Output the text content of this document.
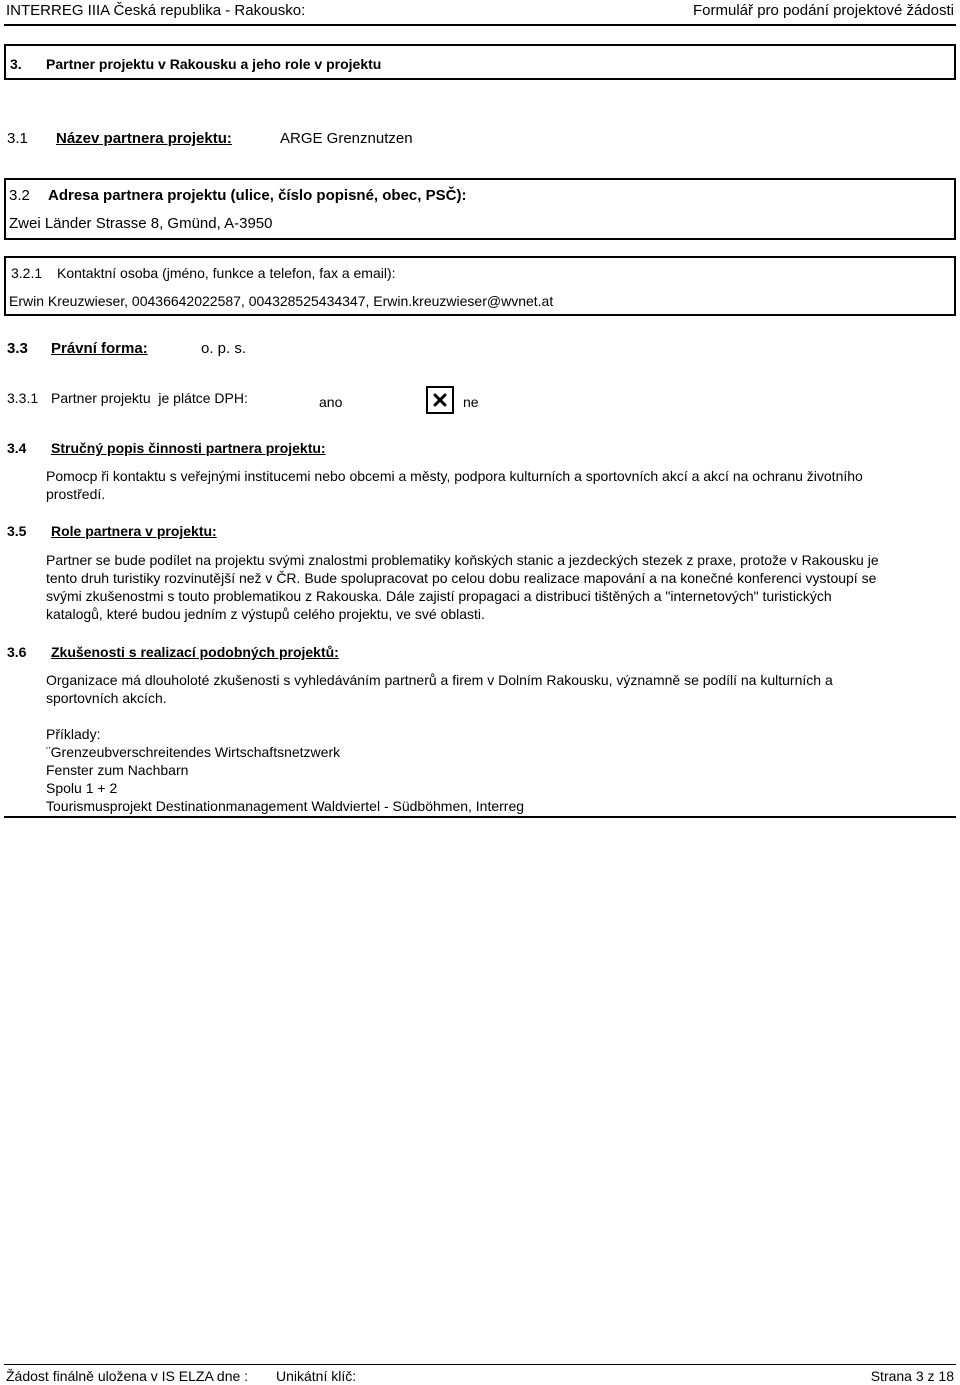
INTERREG IIIA Česká republika - Rakousko:	Formulář pro podání projektové žádosti
3. Partner projektu v Rakousku a jeho role v projektu
3.1 Název partnera projektu:	ARGE Grenznutzen
3.2 Adresa partnera projektu (ulice, číslo popisné, obec, PSČ):
Zwei Länder Strasse 8, Gmünd, A-3950
3.2.1 Kontaktní osoba (jméno, funkce a telefon, fax a email):
Erwin Kreuzwieser, 00436642022587, 004328525434347, Erwin.kreuzwieser@wvnet.at
3.3 Právní forma:	o. p. s.
3.3.1 Partner projektu  je plátce DPH:	ano	ne
3.4 Stručný popis činnosti partnera projektu:
Pomocp ři kontaktu s veřejnými institucemi nebo obcemi a městy, podpora kulturních a sportovních akcí a akcí na ochranu životního
prostředí.
3.5 Role partnera v projektu:
Partner se bude podílet na projektu svými znalostmi problematiky koňských stanic a jezdeckých stezek z praxe, protože v Rakousku je
tento druh turistiky rozvinutější než v ČR. Bude spolupracovat po celou dobu realizace mapování a na konečné konferenci vystoupí se
svými zkušenostmi s touto problematikou z Rakouska. Dále zajistí propagaci a distribuci tištěných a "internetových" turistických
katalogů, které budou jedním z výstupů celého projektu, ve své oblasti.
3.6 Zkušenosti s realizací podobných projektů:
Organizace má dlouholoté zkušenosti s vyhledáváním partnerů a firem v Dolním Rakousku, významně se podílí na kulturních a
sportovních akcích.
Příklady:
¨Grenzeubverschreitendes Wirtschaftsnetzwerk
Fenster zum Nachbarn
Spolu 1 + 2
Tourismusprojekt Destinationmanagement Waldviertel - Südböhmen, Interreg
Žádost finálně uložena v IS ELZA dne : Unikátní klíč:	Strana 3 z 18
